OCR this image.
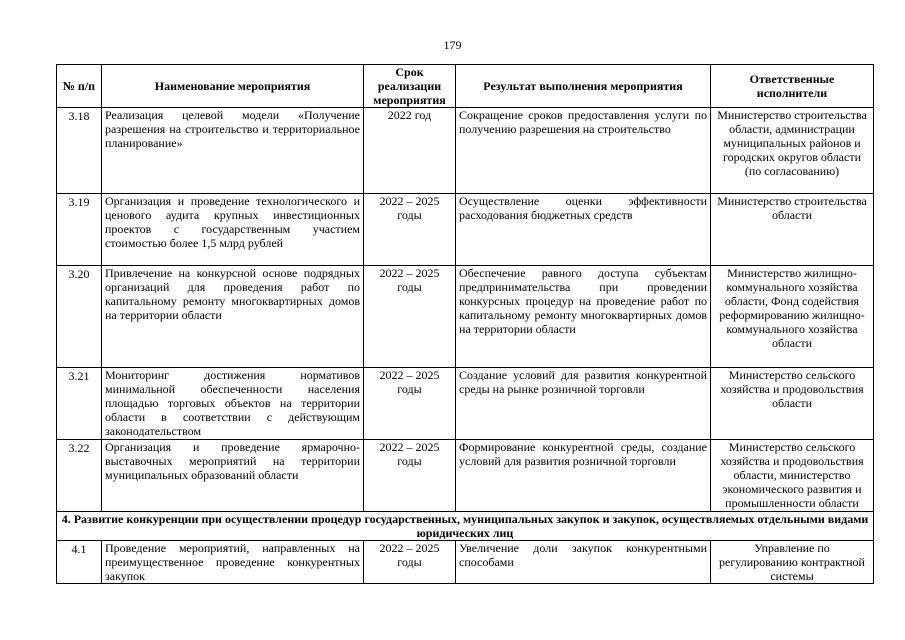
179
№ п/п	Наименование мероприятия	Срок реализации мероприятия	Результат выполнения мероприятия	Ответственные исполнители
3.18	Реализация целевой модели «Получение разрешения на строительство и территориальное планирование»	2022 год	Сокращение сроков предоставления услуги по получению разрешения на строительство	Министерство строительства области, администрации муниципальных районов и городских округов области (по согласованию)
3.19	Организация и проведение технологического и ценового аудита крупных инвестиционных проектов с государственным участием стоимостью более 1,5 млрд рублей	2022 – 2025 годы	Осуществление оценки эффективности расходования бюджетных средств	Министерство строительства области
3.20	Привлечение на конкурсной основе подрядных организаций для проведения работ по капитальному ремонту многоквартирных домов на территории области	2022 – 2025 годы	Обеспечение равного доступа субъектам предпринимательства при проведении конкурсных процедур на проведение работ по капитальному ремонту многоквартирных домов на территории области	Министерство жилищно-коммунального хозяйства области, Фонд содействия реформированию жилищно-коммунального хозяйства области
3.21	Мониторинг достижения нормативов минимальной обеспеченности населения площадью торговых объектов на территории области в соответствии с действующим законодательством	2022 – 2025 годы	Создание условий для развития конкурентной среды на рынке розничной торговли	Министерство сельского хозяйства и продовольствия области
3.22	Организация и проведение ярмарочно-выставочных мероприятий на территории муниципальных образований области	2022 – 2025 годы	Формирование конкурентной среды, создание условий для развития розничной торговли	Министерство сельского хозяйства и продовольствия области, министерство экономического развития и промышленности области
4. Развитие конкуренции при осуществлении процедур государственных, муниципальных закупок и закупок, осуществляемых отдельными видами юридических лиц				
4.1	Проведение мероприятий, направленных на преимущественное проведение конкурентных закупок	2022 – 2025 годы	Увеличение доли закупок конкурентными способами	Управление по регулированию контрактной системы
